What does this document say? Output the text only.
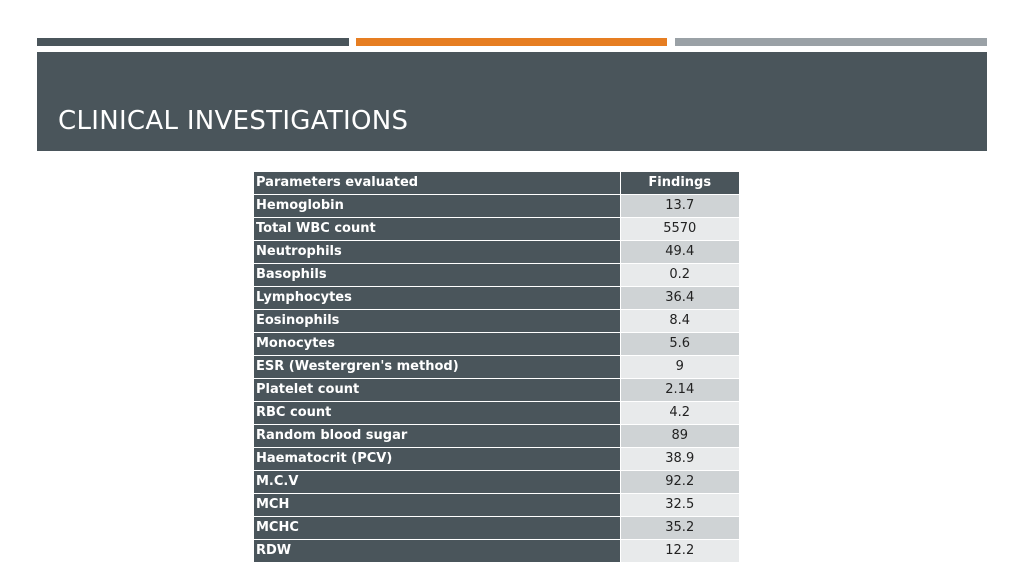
CLINICAL INVESTIGATIONS
Parameters evaluated	Findings
Hemoglobin	13.7
Total WBC count	5570
Neutrophils	49.4
Basophils	0.2
Lymphocytes	36.4
Eosinophils	8.4
Monocytes	5.6
ESR (Westergren's method)	9
Platelet count	2.14
RBC count	4.2
Random blood sugar	89
Haematocrit (PCV)	38.9
M.C.V	92.2
MCH	32.5
MCHC	35.2
RDW	12.2
